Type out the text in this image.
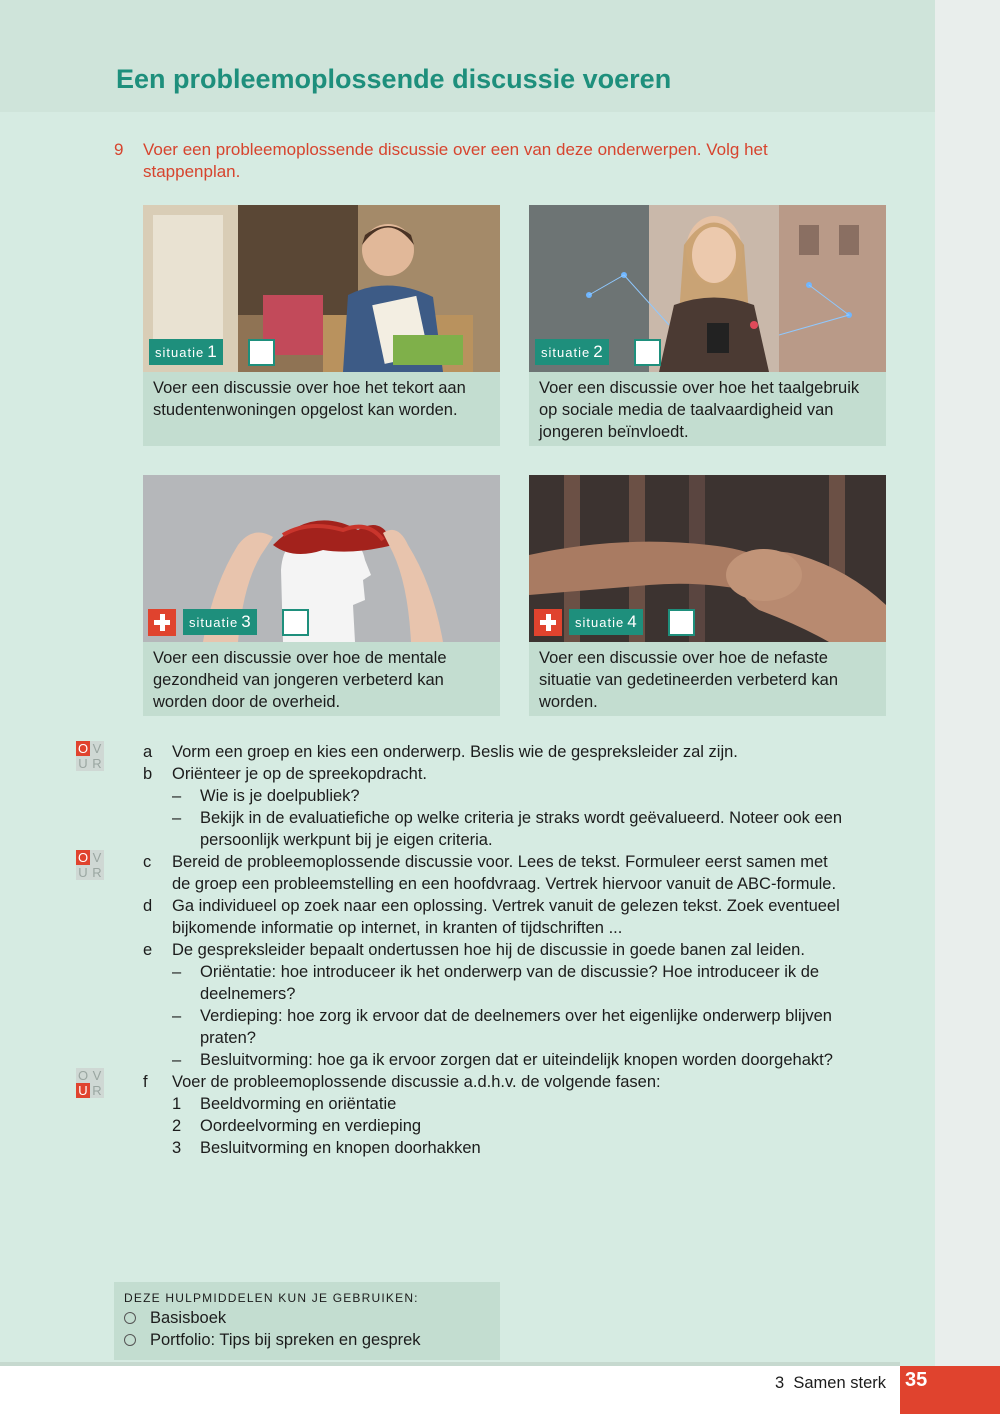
Een probleemoplossende discussie voeren
9 Voer een probleemoplossende discussie over een van deze onderwerpen. Volg het stappenplan.
situatie 1
Voer een discussie over hoe het tekort aan studentenwoningen opgelost kan worden.
situatie 2
Voer een discussie over hoe het taalgebruik op sociale media de taalvaardigheid van jongeren beïnvloedt.
situatie 3
Voer een discussie over hoe de mentale gezondheid van jongeren verbeterd kan worden door de overheid.
situatie 4
Voer een discussie over hoe de nefaste situatie van gedetineerden verbeterd kan worden.
O V
U R
O V
U R
O V
U R
a Vorm een groep en kies een onderwerp. Beslis wie de gespreksleider zal zijn.
b Oriënteer je op de spreekopdracht.
– Wie is je doelpubliek?
– Bekijk in de evaluatiefiche op welke criteria je straks wordt geëvalueerd. Noteer ook een
persoonlijk werkpunt bij je eigen criteria.
c Bereid de probleemoplossende discussie voor. Lees de tekst. Formuleer eerst samen met
de groep een probleemstelling en een hoofdvraag. Vertrek hiervoor vanuit de ABC-formule.
d Ga individueel op zoek naar een oplossing. Vertrek vanuit de gelezen tekst. Zoek eventueel
bijkomende informatie op internet, in kranten of tijdschriften ...
e De gespreksleider bepaalt ondertussen hoe hij de discussie in goede banen zal leiden.
– Oriëntatie: hoe introduceer ik het onderwerp van de discussie? Hoe introduceer ik de
deelnemers?
– Verdieping: hoe zorg ik ervoor dat de deelnemers over het eigenlijke onderwerp blijven
praten?
– Besluitvorming: hoe ga ik ervoor zorgen dat er uiteindelijk knopen worden doorgehakt?
f Voer de probleemoplossende discussie a.d.h.v. de volgende fasen:
1 Beeldvorming en oriëntatie
2 Oordeelvorming en verdieping
3 Besluitvorming en knopen doorhakken
DEZE HULPMIDDELEN KUN JE GEBRUIKEN:
Basisboek
Portfolio: Tips bij spreken en gesprek
3  Samen sterk 35
